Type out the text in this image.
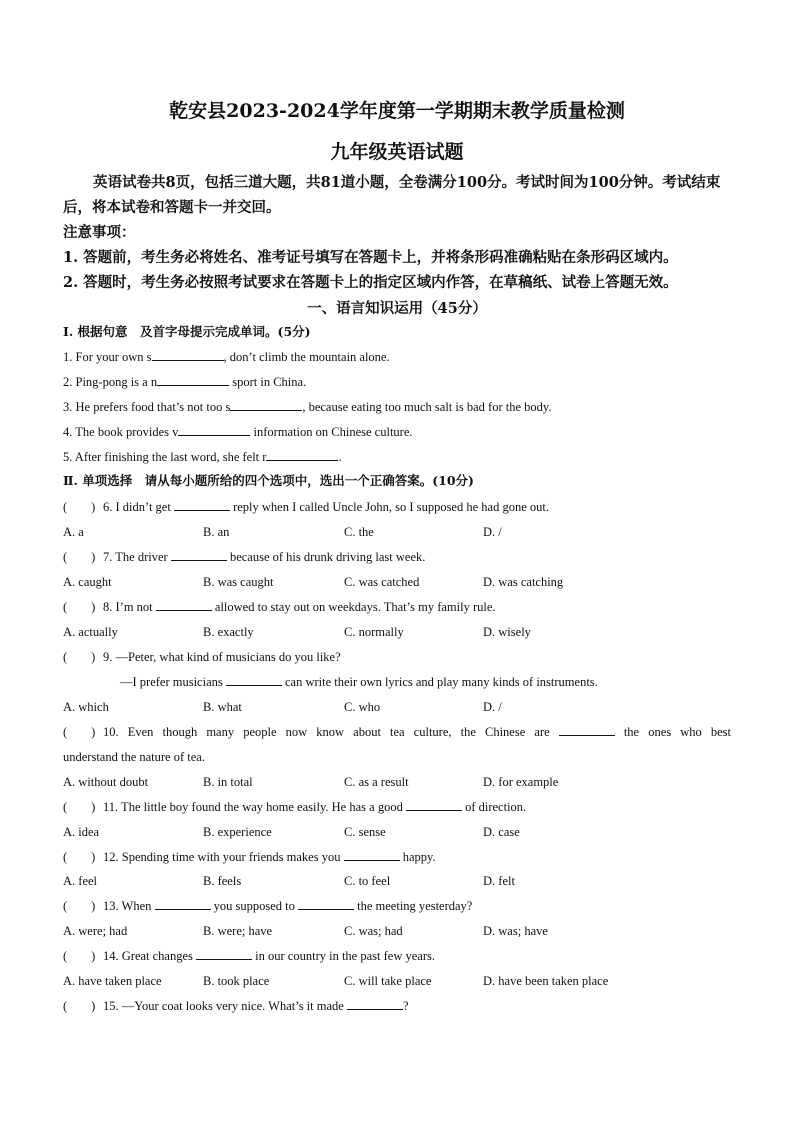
乾安县2023-2024学年度第一学期期末教学质量检测
九年级英语试题
英语试卷共8页，包括三道大题，共81道小题，全卷满分100分。考试时间为100分钟。考试结束后，将本试卷和答题卡一并交回。
注意事项：
1. 答题前，考生务必将姓名、准考证号填写在答题卡上，并将条形码准确粘贴在条形码区域内。
2. 答题时，考生务必按照考试要求在答题卡上的指定区域内作答，在草稿纸、试卷上答题无效。
一、语言知识运用（45分）
Ⅰ. 根据句意　及首字母提示完成单词。(5分)
1. For your own s	, don’t climb the mountain alone.
2. Ping-pong is a n	sport in China.
3. He prefers food that’s not too s	, because eating too much salt is bad for the body.
4. The book provides v	information on Chinese culture.
5. After finishing the last word, she felt r	.
Ⅱ. 单项选择　请从每小题所给的四个选项中，选出一个正确答案。(10分)
( ) 6. I didn’t get	reply when I called Uncle John, so I supposed he had gone out.
A. a	B. an	C. the	D. /
( ) 7. The driver	because of his drunk driving last week.
A. caught	B. was caught	C. was catched	D. was catching
( ) 8. I’m not	allowed to stay out on weekdays. That’s my family rule.
A. actually	B. exactly	C. normally	D. wisely
( ) 9. —Peter, what kind of musicians do you like?
—I prefer musicians	can write their own lyrics and play many kinds of instruments.
A. which	B. what	C. who	D. /
( ) 10. Even though many people now know about tea culture, the Chinese are	the ones who best
understand the nature of tea.
A. without doubt	B. in total	C. as a result	D. for example
( ) 11. The little boy found the way home easily. He has a good	of direction.
A. idea	B. experience	C. sense	D. case
( ) 12. Spending time with your friends makes you	happy.
A. feel	B. feels	C. to feel	D. felt
( ) 13. When	you supposed to	the meeting yesterday?
A. were; had	B. were; have	C. was; had	D. was; have
( ) 14. Great changes	in our country in the past few years.
A. have taken place	B. took place	C. will take place	D. have been taken place
( ) 15. —Your coat looks very nice. What’s it made	?
